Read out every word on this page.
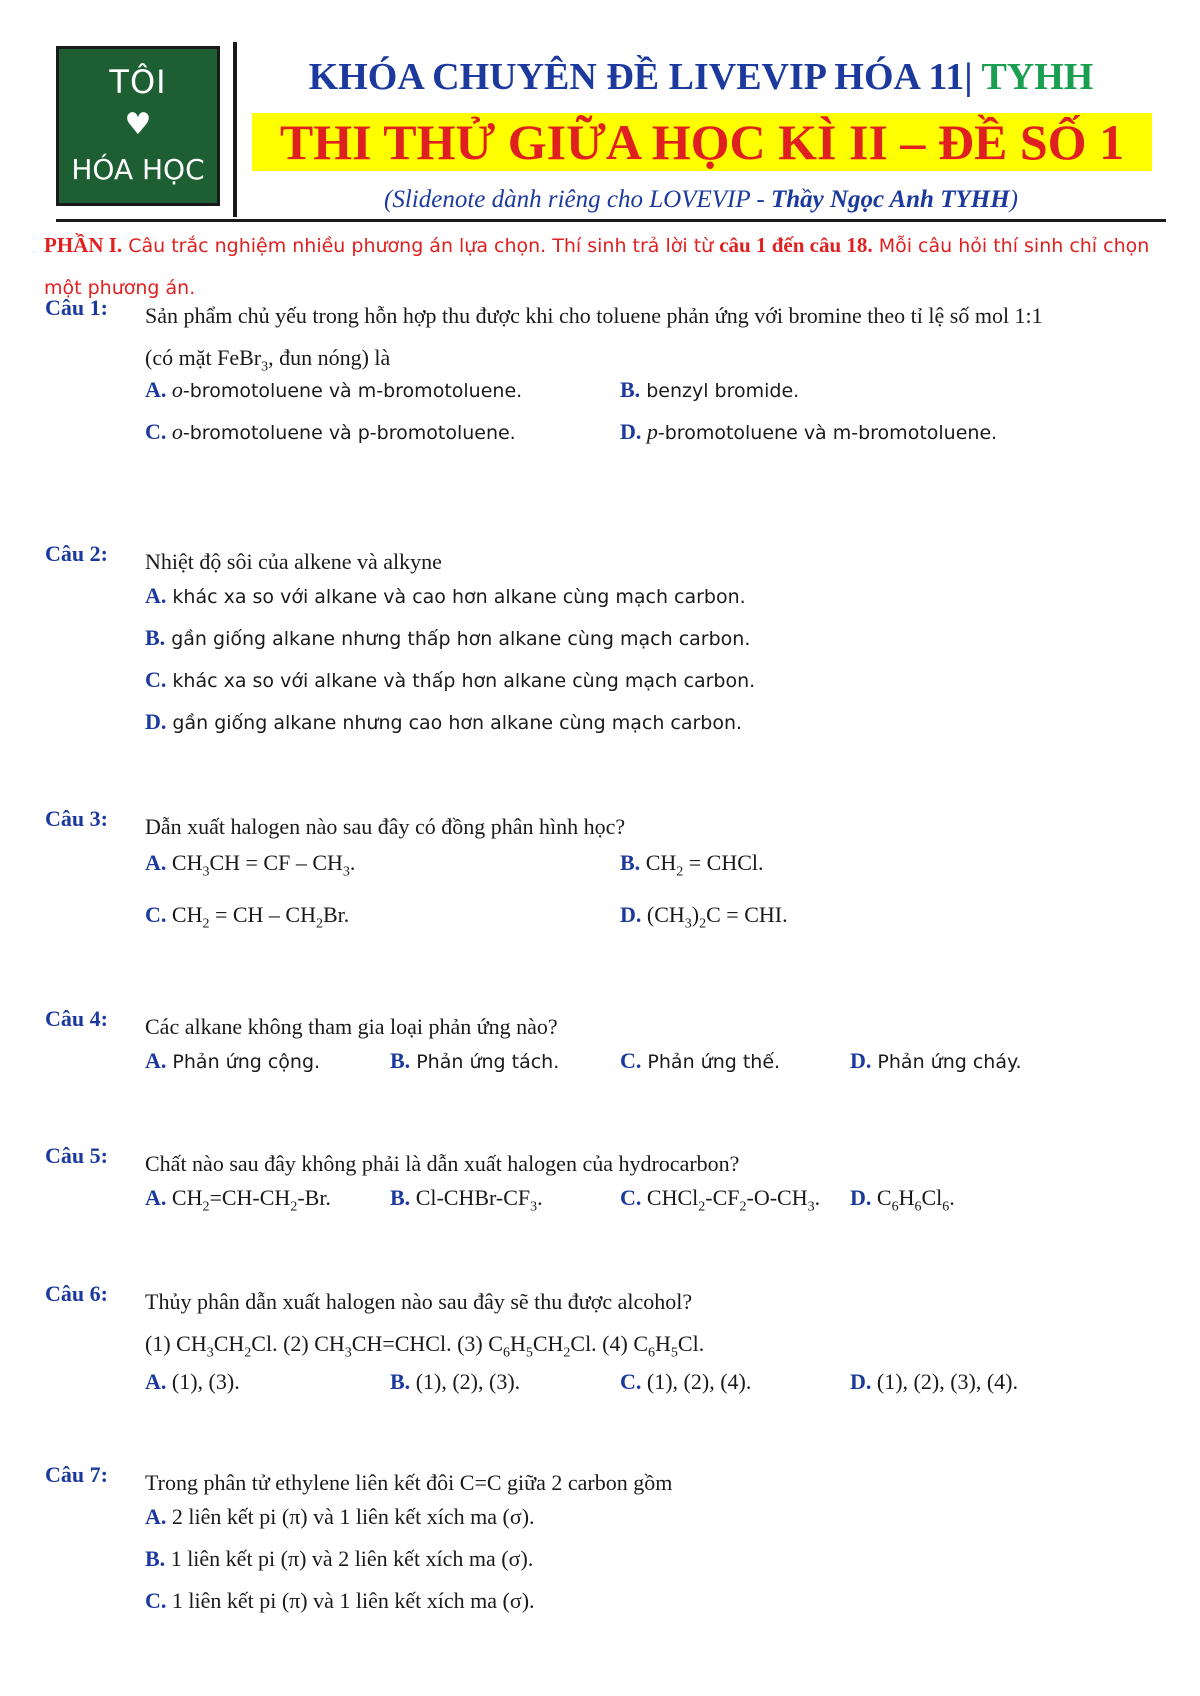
TÔI
♥
HÓA HỌC
KHÓA CHUYÊN ĐỀ LIVEVIP HÓA 11| TYHH
THI THỬ GIỮA HỌC KÌ II – ĐỀ SỐ 1
(Slidenote dành riêng cho LOVEVIP - Thầy Ngọc Anh TYHH)
PHẦN I. Câu trắc nghiệm nhiều phương án lựa chọn. Thí sinh trả lời từ câu 1 đến câu 18. Mỗi câu hỏi thí sinh chỉ chọn một phương án.
Câu 1: Sản phẩm chủ yếu trong hỗn hợp thu được khi cho toluene phản ứng với bromine theo tỉ lệ số mol 1:1
(có mặt FeBr$_3$, đun nóng) là
A. o-bromotoluene và m-bromotoluene.	B. benzyl bromide.
C. o-bromotoluene và p-bromotoluene.	D. p-bromotoluene và m-bromotoluene.
Câu 2: Nhiệt độ sôi của alkene và alkyne
A. khác xa so với alkane và cao hơn alkane cùng mạch carbon.
B. gần giống alkane nhưng thấp hơn alkane cùng mạch carbon.
C. khác xa so với alkane và thấp hơn alkane cùng mạch carbon.
D. gần giống alkane nhưng cao hơn alkane cùng mạch carbon.
Câu 3: Dẫn xuất halogen nào sau đây có đồng phân hình học?
A. $CH_3CH$ = CF – $CH_3$.	B. $CH_2$ = CHCl.
C. $CH_2$ = CH – $CH_2Br$.	D. $(CH_3)_2C$ = CHI.
Câu 4: Các alkane không tham gia loại phản ứng nào?
A. Phản ứng cộng.	B. Phản ứng tách.	C. Phản ứng thế.	D. Phản ứng cháy.
Câu 5: Chất nào sau đây không phải là dẫn xuất halogen của hydrocarbon?
A. $CH_2=CH-CH_2-Br$.	B. $Cl-CHBr-CF_3$.	C. $CHCl_2-CF_2-O-CH_3$. D. $C_6H_6Cl_6$.
Câu 6: Thủy phân dẫn xuất halogen nào sau đây sẽ thu được alcohol?
(1) $CH_3CH_2Cl$. (2) $CH_3CH=CHCl$. (3) $C_6H_5CH_2Cl$. (4) $C_6H_5Cl$.
A. (1), (3).	B. (1), (2), (3).	C. (1), (2), (4).	D. (1), (2), (3), (4).
Câu 7: Trong phân tử ethylene liên kết đôi C=C giữa 2 carbon gồm
A. 2 liên kết pi (π) và 1 liên kết xích ma (σ).
B. 1 liên kết pi (π) và 2 liên kết xích ma (σ).
C. 1 liên kết pi (π) và 1 liên kết xích ma (σ).
